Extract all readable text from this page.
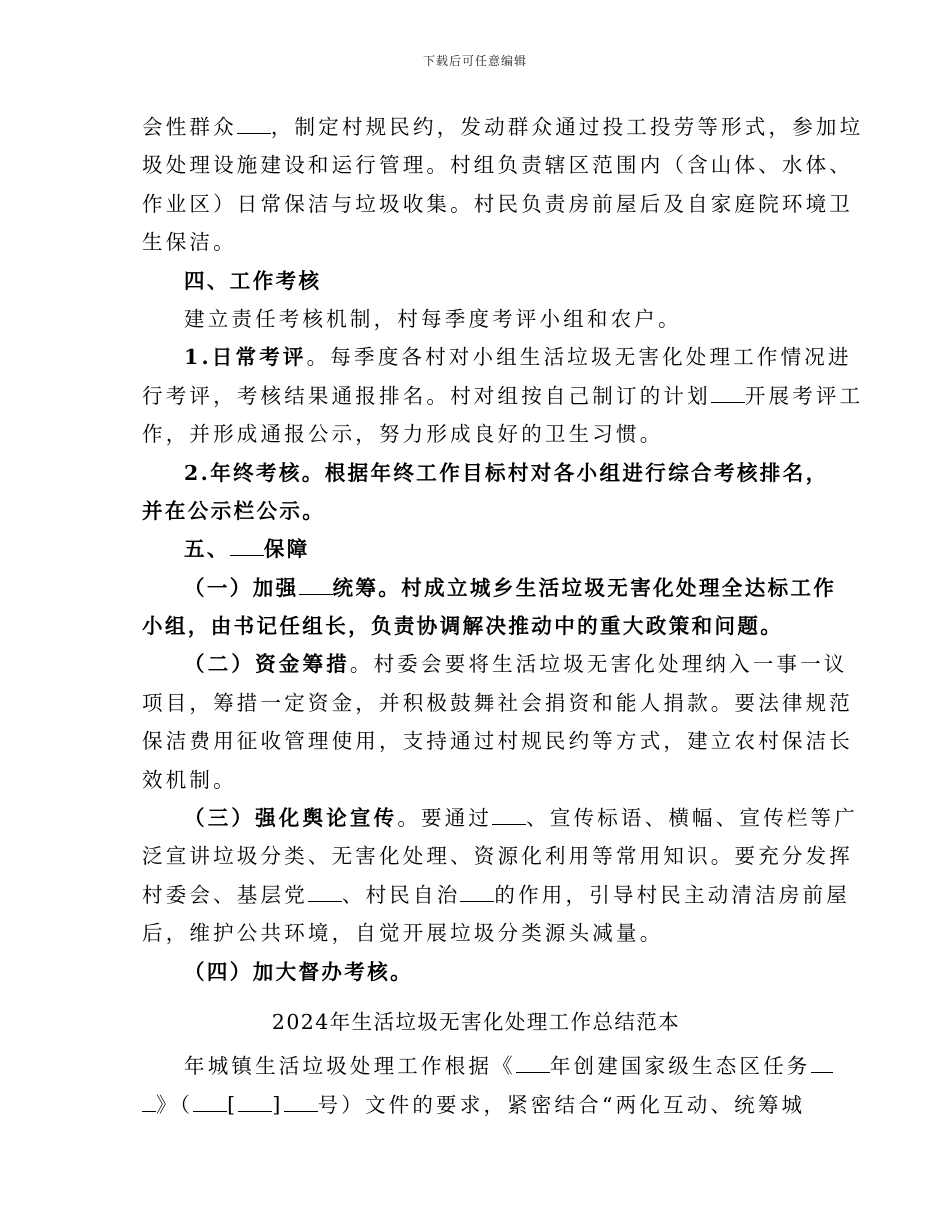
下载后可任意编辑
会性群众 ，制定村规民约，发动群众通过投工投劳等形式，参加垃
圾处理设施建设和运行管理。村组负责辖区范围内（含山体、水体、
作业区）日常保洁与垃圾收集。村民负责房前屋后及自家庭院环境卫
生保洁。
四、工作考核
建立责任考核机制，村每季度考评小组和农户。
1.日常考评。每季度各村对小组生活垃圾无害化处理工作情况进
行考评，考核结果通报排名。村对组按自己制订的计划 开展考评工
作，并形成通报公示，努力形成良好的卫生习惯。
2.年终考核。根据年终工作目标村对各小组进行综合考核排名，
并在公示栏公示。
五、 保障
（一）加强 统筹。村成立城乡生活垃圾无害化处理全达标工作
小组，由书记任组长，负责协调解决推动中的重大政策和问题。
（二）资金筹措。村委会要将生活垃圾无害化处理纳入一事一议
项目，筹措一定资金，并积极鼓舞社会捐资和能人捐款。要法律规范
保洁费用征收管理使用，支持通过村规民约等方式，建立农村保洁长
效机制。
（三）强化舆论宣传。要通过 、宣传标语、横幅、宣传栏等广
泛宣讲垃圾分类、无害化处理、资源化利用等常用知识。要充分发挥
村委会、基层党 、村民自治 的作用，引导村民主动清洁房前屋
后，维护公共环境，自觉开展垃圾分类源头减量。
（四）加大督办考核。
2024年生活垃圾无害化处理工作总结范本
年城镇生活垃圾处理工作根据《 年创建国家级生态区任务
》（ [ ] 号）文件的要求，紧密结合“两化互动、统筹城
